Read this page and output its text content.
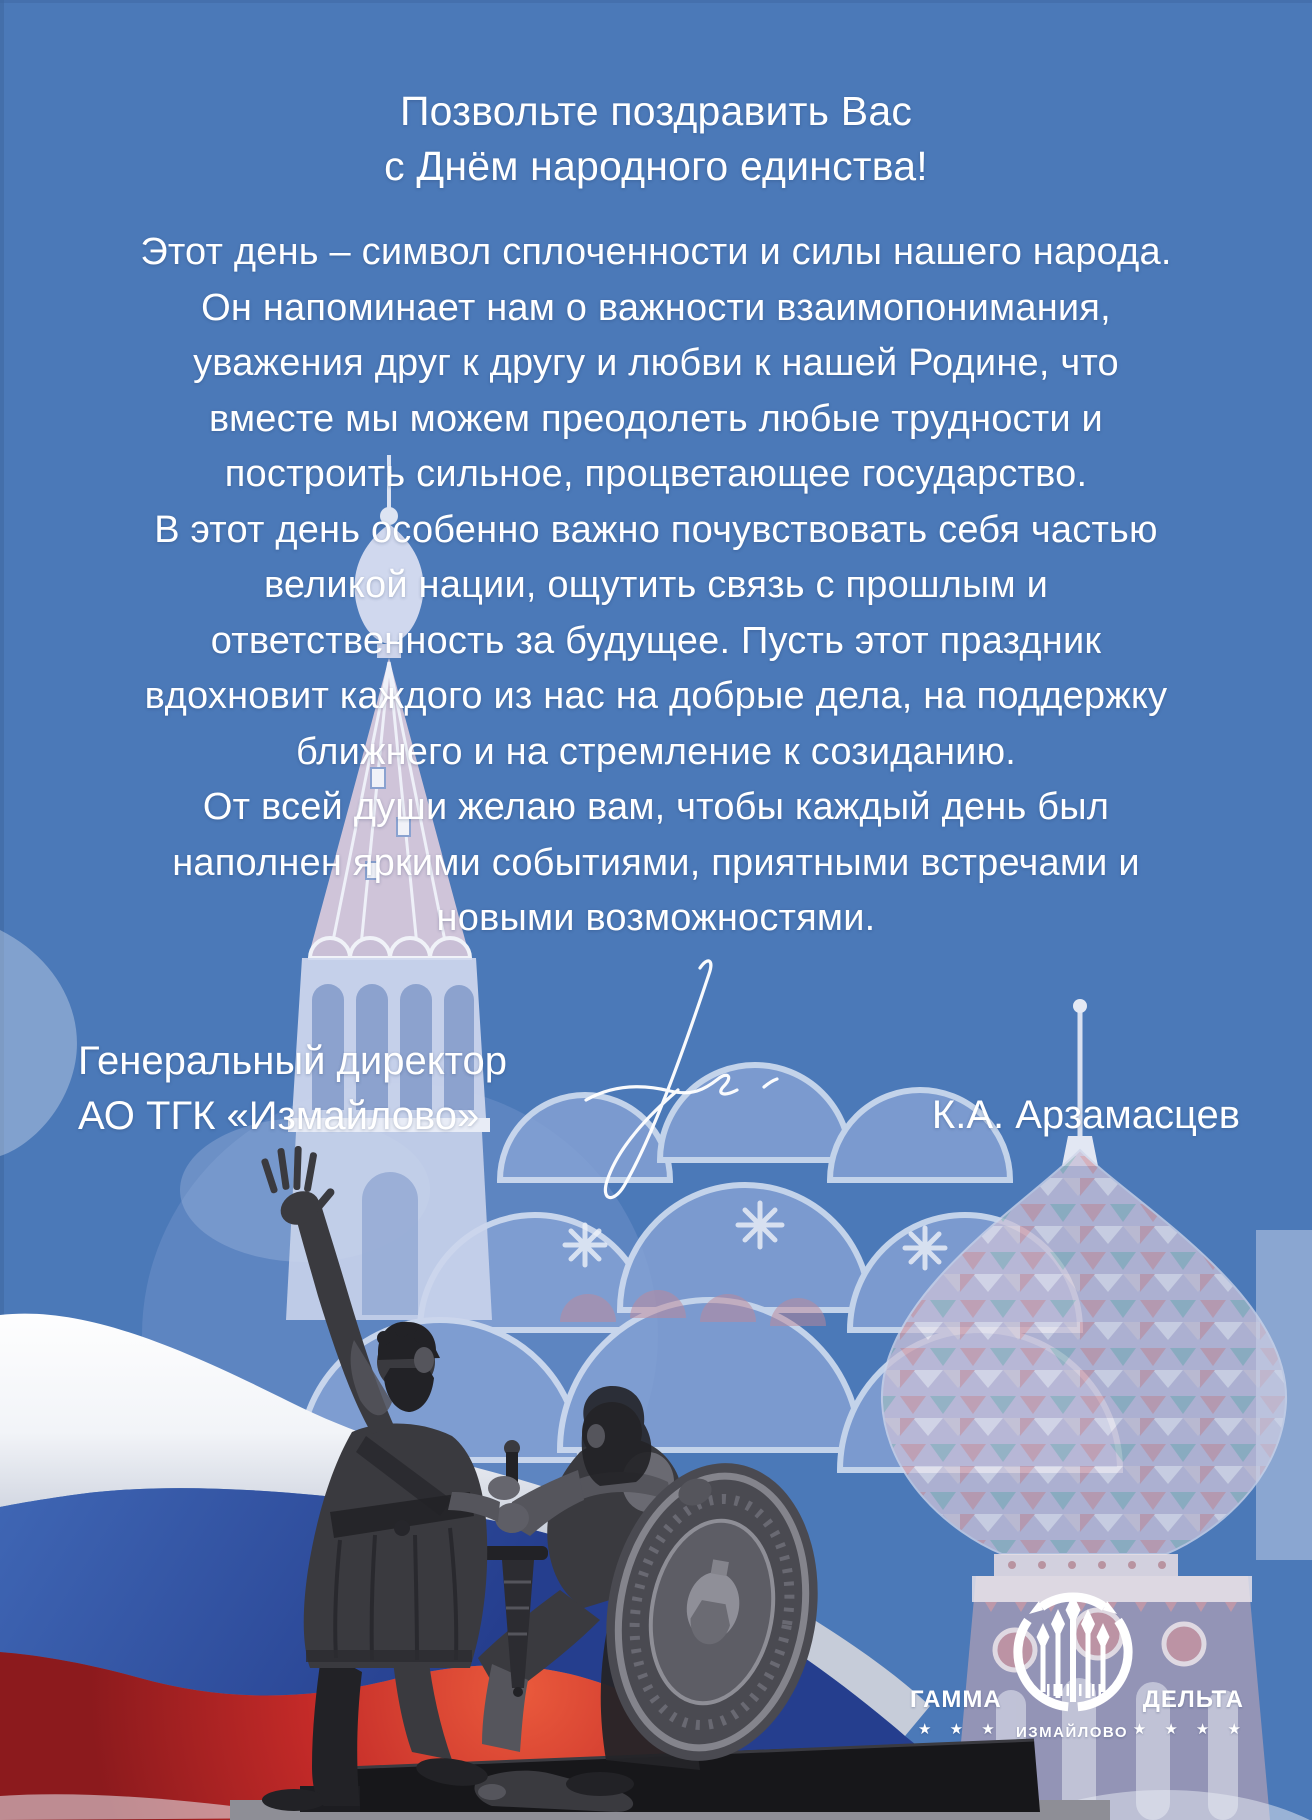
Позвольте поздравить Вас
с Днём народного единства!
Этот день – символ сплоченности и силы нашего народа.
Он напоминает нам о важности взаимопонимания,
уважения друг к другу и любви к нашей Родине, что
вместе мы можем преодолеть любые трудности и
построить сильное, процветающее государство.
В этот день особенно важно почувствовать себя частью
великой нации, ощутить связь с прошлым и
ответственность за будущее. Пусть этот праздник
вдохновит каждого из нас на добрые дела, на поддержку
ближнего и на стремление к созиданию.
От всей души желаю вам, чтобы каждый день был
наполнен яркими событиями, приятными встречами и
новыми возможностями.
Генеральный директор
АО ТГК «Измайлово»	К.А. Арзамасцев
ГАММА
★ ★ ★
ДЕЛЬТА
★ ★ ★ ★
ИЗМАЙЛОВО
